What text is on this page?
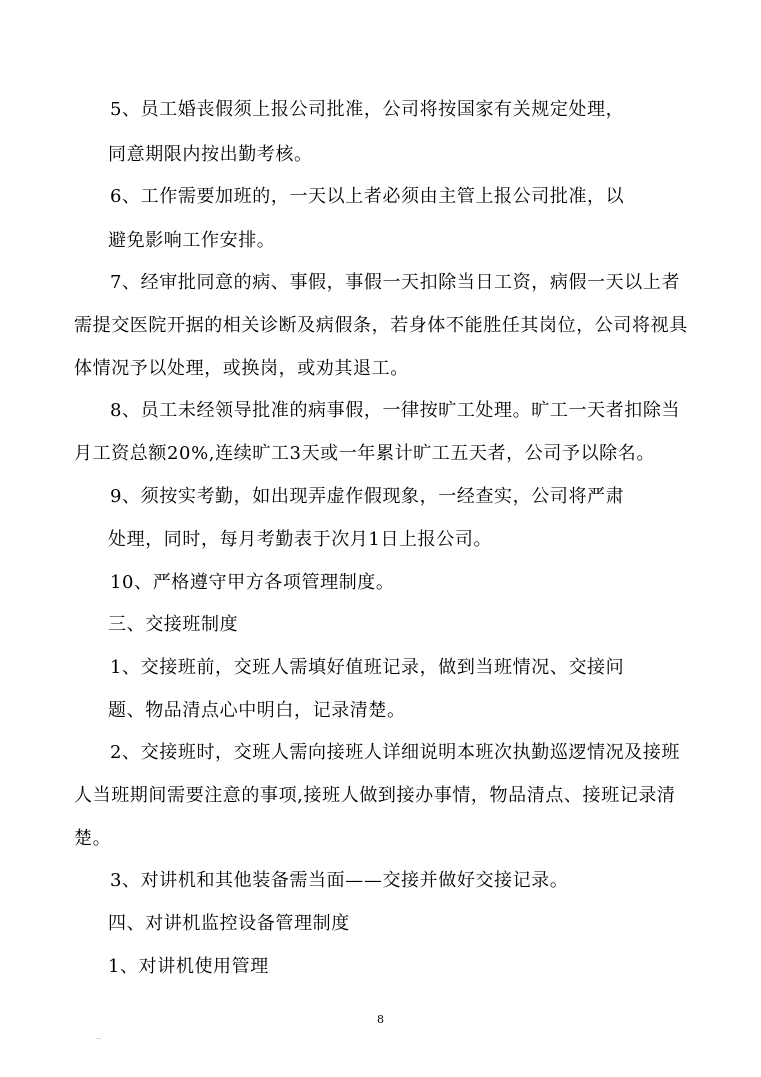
5、员工婚丧假须上报公司批准，公司将按国家有关规定处理，
同意期限内按出勤考核。
6、工作需要加班的，一天以上者必须由主管上报公司批准，以
避免影响工作安排。
7、经审批同意的病、事假，事假一天扣除当日工资，病假一天以上者
需提交医院开据的相关诊断及病假条，若身体不能胜任其岗位，公司将视具
体情况予以处理，或换岗，或劝其退工。
8、员工未经领导批准的病事假，一律按旷工处理。旷工一天者扣除当
月工资总额20%,连续旷工3天或一年累计旷工五天者，公司予以除名。
9、须按实考勤，如出现弄虚作假现象，一经查实，公司将严肃
处理，同时，每月考勤表于次月1日上报公司。
10、严格遵守甲方各项管理制度。
三、交接班制度
1、交接班前，交班人需填好值班记录，做到当班情况、交接问
题、物品清点心中明白，记录清楚。
2、交接班时，交班人需向接班人详细说明本班次执勤巡逻情况及接班
人当班期间需要注意的事项,接班人做到接办事情，物品清点、接班记录清
楚。
3、对讲机和其他装备需当面——交接并做好交接记录。
四、对讲机监控设备管理制度
1、对讲机使用管理
8
..
